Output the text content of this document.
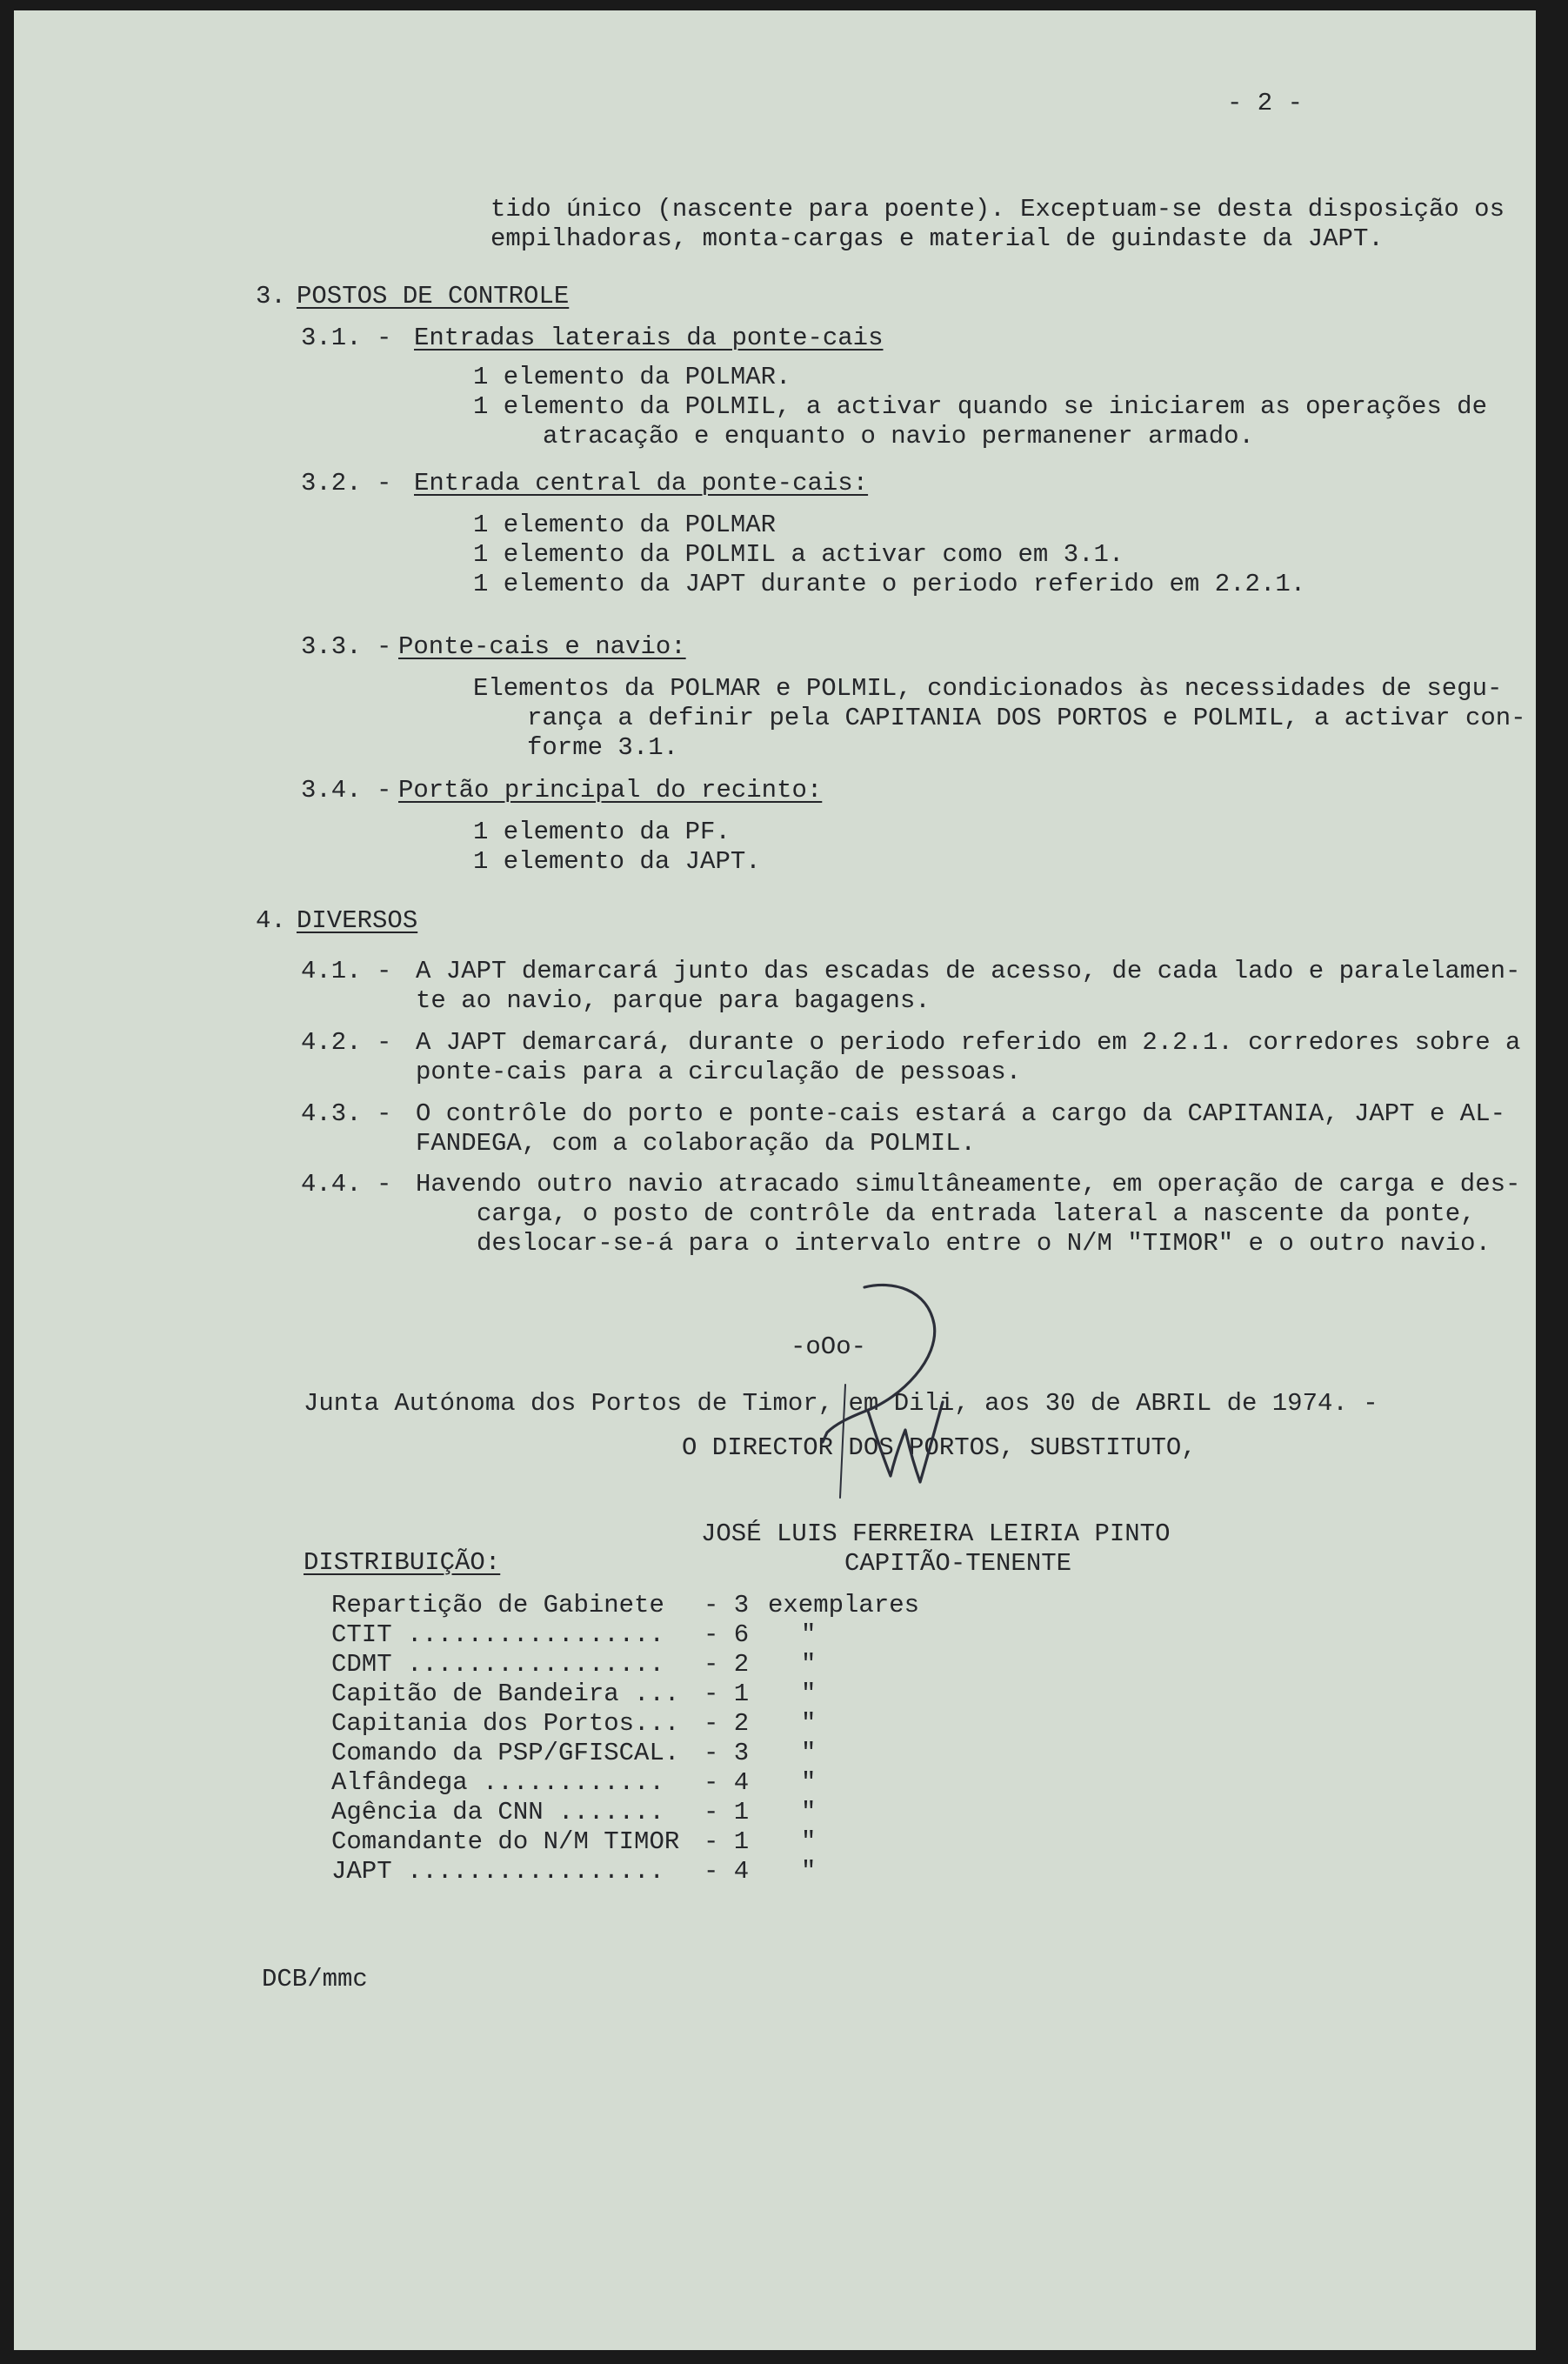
- 2 -
tido único (nascente para poente). Exceptuam-se desta disposição os
empilhadoras, monta-cargas e material de guindaste da JAPT.
3. POSTOS DE CONTROLE
3.1. - Entradas laterais da ponte-cais
1 elemento da POLMAR.
1 elemento da POLMIL, a activar quando se iniciarem as operações de
atracação e enquanto o navio permanener armado.
3.2. - Entrada central da ponte-cais:
1 elemento da POLMAR
1 elemento da POLMIL a activar como em 3.1.
1 elemento da JAPT durante o periodo referido em 2.2.1.
3.3. - Ponte-cais e navio:
Elementos da POLMAR e POLMIL, condicionados às necessidades de segu-
rança a definir pela CAPITANIA DOS PORTOS e POLMIL, a activar con-
forme 3.1.
3.4. - Portão principal do recinto:
1 elemento da PF.
1 elemento da JAPT.
4. DIVERSOS
4.1. - A JAPT demarcará junto das escadas de acesso, de cada lado e paralelamen-
te ao navio, parque para bagagens.
4.2. - A JAPT demarcará, durante o periodo referido em 2.2.1. corredores sobre a
ponte-cais para a circulação de pessoas.
4.3. - O contrôle do porto e ponte-cais estará a cargo da CAPITANIA, JAPT e AL-
FANDEGA, com a colaboração da POLMIL.
4.4. - Havendo outro navio atracado simultâneamente, em operação de carga e des-
carga, o posto de contrôle da entrada lateral a nascente da ponte,
deslocar-se-á para o intervalo entre o N/M "TIMOR" e o outro navio.
-oOo-
Junta Autónoma dos Portos de Timor, em Dili, aos 30 de ABRIL de 1974. -
O DIRECTOR DOS PORTOS, SUBSTITUTO,
JOSÉ LUIS FERREIRA LEIRIA PINTO
CAPITÃO-TENENTE
DISTRIBUIÇÃO:
Repartição de Gabinete - 3 exemplares
CTIT ................. - 6 "
CDMT ................. - 2 "
Capitão de Bandeira ... - 1 "
Capitania dos Portos... - 2 "
Comando da PSP/GFISCAL. - 3 "
Alfândega ............ - 4 "
Agência da CNN ....... - 1 "
Comandante do N/M TIMOR - 1 "
JAPT ................. - 4 "
DCB/mmc
